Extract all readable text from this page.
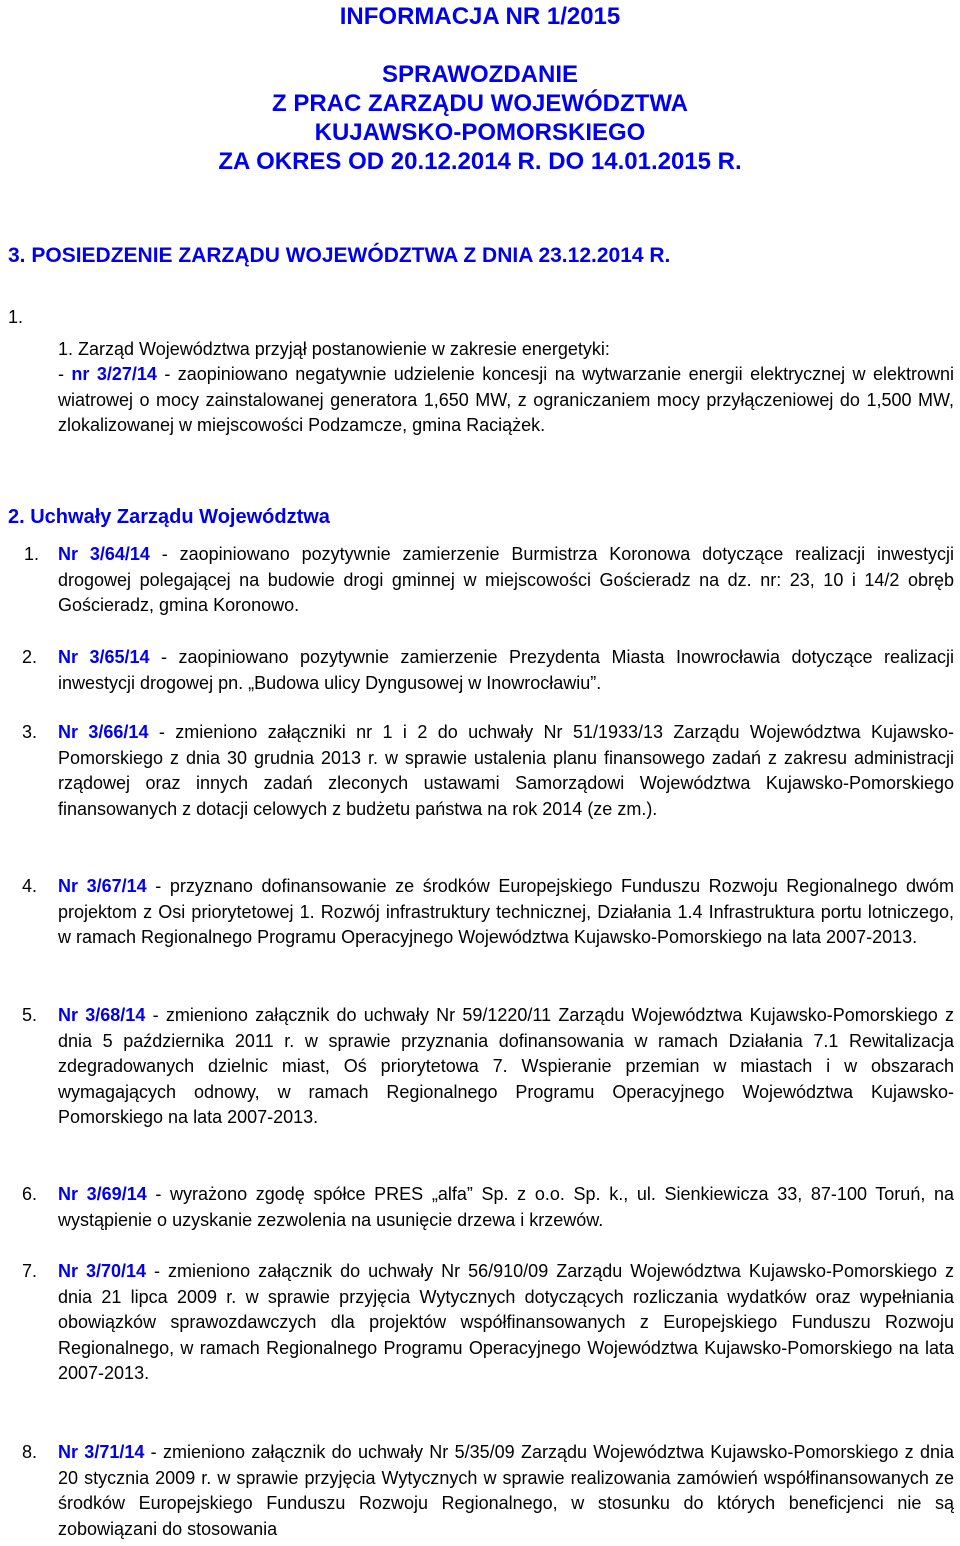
INFORMACJA NR 1/2015
SPRAWOZDANIE
Z PRAC ZARZĄDU WOJEWÓDZTWA
KUJAWSKO-POMORSKIEGO
ZA OKRES OD 20.12.2014 R. DO 14.01.2015 R.
3. POSIEDZENIE ZARZĄDU WOJEWÓDZTWA Z DNIA 23.12.2014 R.
1.
1. Zarząd Województwa przyjął postanowienie w zakresie energetyki:

- nr 3/27/14 - zaopiniowano negatywnie udzielenie koncesji na wytwarzanie energii elektrycznej w elektrowni wiatrowej o mocy zainstalowanej generatora 1,650 MW, z ograniczaniem mocy przyłączeniowej do 1,500 MW, zlokalizowanej w miejscowości Podzamcze, gmina Raciążek.

2. Uchwały Zarządu Województwa
1. Nr 3/64/14 - zaopiniowano pozytywnie zamierzenie Burmistrza Koronowa dotyczące realizacji inwestycji drogowej polegającej na budowie drogi gminnej w miejscowości Gościeradz na dz. nr: 23, 10 i 14/2 obręb Gościeradz, gmina Koronowo.

2. Nr 3/65/14 - zaopiniowano pozytywnie zamierzenie Prezydenta Miasta Inowrocławia dotyczące realizacji inwestycji drogowej pn. „Budowa ulicy Dyngusowej w Inowrocławiu”.

3. Nr 3/66/14 - zmieniono załączniki nr 1 i 2 do uchwały Nr 51/1933/13 Zarządu Województwa Kujawsko-Pomorskiego z dnia 30 grudnia 2013 r. w sprawie ustalenia planu finansowego zadań z zakresu administracji rządowej oraz innych zadań zleconych ustawami Samorządowi Województwa Kujawsko-Pomorskiego finansowanych z dotacji celowych z budżetu państwa na rok 2014 (ze zm.).

4. Nr 3/67/14 - przyznano dofinansowanie ze środków Europejskiego Funduszu Rozwoju Regionalnego dwóm projektom z Osi priorytetowej 1. Rozwój infrastruktury technicznej, Działania 1.4 Infrastruktura portu lotniczego, w ramach Regionalnego Programu Operacyjnego Województwa Kujawsko-Pomorskiego na lata 2007-2013.

5. Nr 3/68/14 - zmieniono załącznik do uchwały Nr 59/1220/11 Zarządu Województwa Kujawsko-Pomorskiego z dnia 5 października 2011 r. w sprawie przyznania dofinansowania w ramach Działania 7.1 Rewitalizacja zdegradowanych dzielnic miast, Oś priorytetowa 7. Wspieranie przemian w miastach i w obszarach wymagających odnowy, w ramach Regionalnego Programu Operacyjnego Województwa Kujawsko-Pomorskiego na lata 2007-2013.

6. Nr 3/69/14 - wyrażono zgodę spółce PRES „alfa” Sp. z o.o. Sp. k., ul. Sienkiewicza 33, 87-100 Toruń, na wystąpienie o uzyskanie zezwolenia na usunięcie drzewa i krzewów.

7. Nr 3/70/14 - zmieniono załącznik do uchwały Nr 56/910/09 Zarządu Województwa Kujawsko-Pomorskiego z dnia 21 lipca 2009 r. w sprawie przyjęcia Wytycznych dotyczących rozliczania wydatków oraz wypełniania obowiązków sprawozdawczych dla projektów współfinansowanych z Europejskiego Funduszu Rozwoju Regionalnego, w ramach Regionalnego Programu Operacyjnego Województwa Kujawsko-Pomorskiego na lata 2007-2013.

8. Nr 3/71/14 - zmieniono załącznik do uchwały Nr 5/35/09 Zarządu Województwa Kujawsko-Pomorskiego z dnia 20 stycznia 2009 r. w sprawie przyjęcia Wytycznych w sprawie realizowania zamówień współfinansowanych ze środków Europejskiego Funduszu Rozwoju Regionalnego, w stosunku do których beneficjenci nie są zobowiązani do stosowania
